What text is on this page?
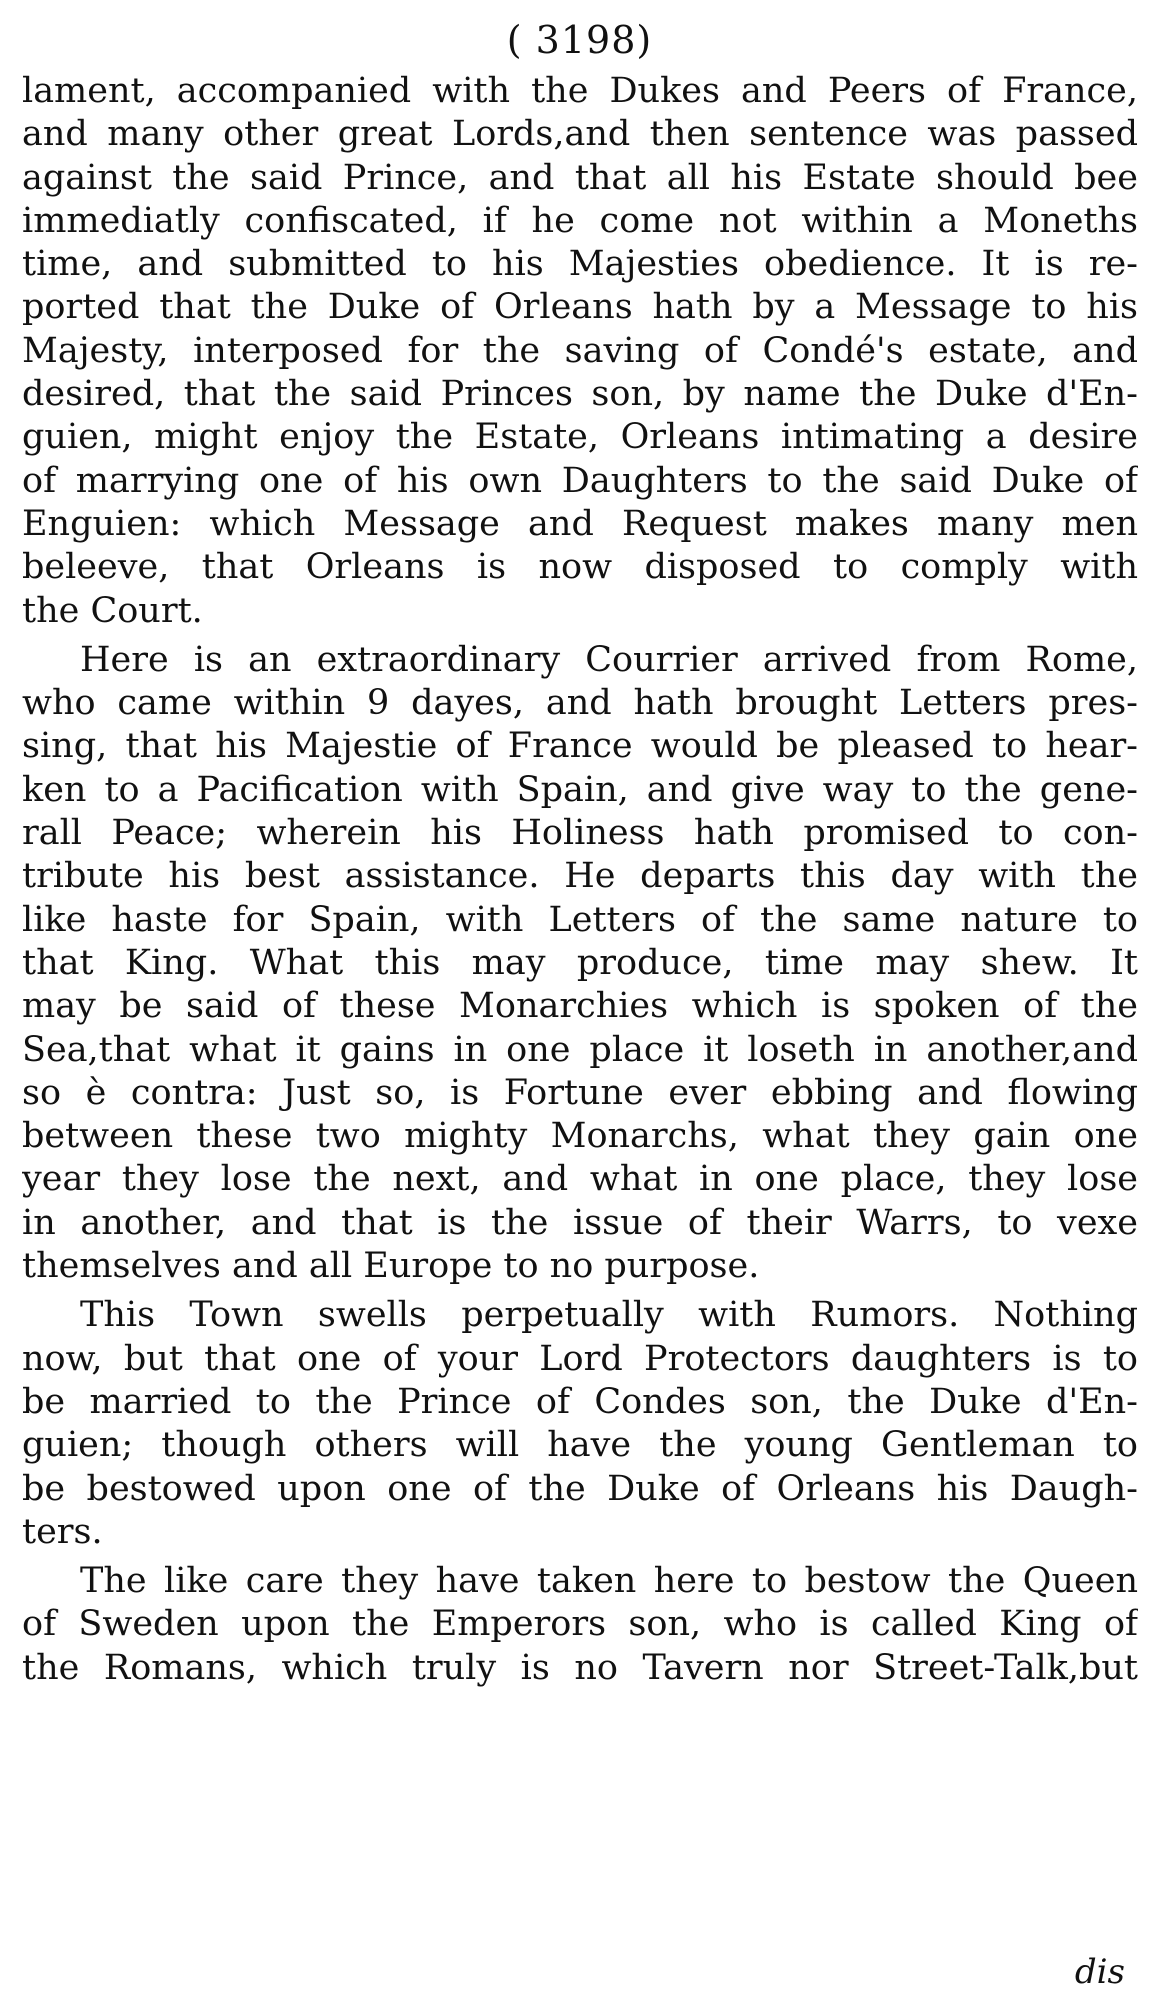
( 3198)
lament, accompanied with the Dukes and Peers of France,
and many other great Lords,and then sentence was passed
against the said Prince, and that all his Estate should bee
immediatly confiscated, if he come not within a Moneths
time, and submitted to his Majesties obedience. It is re-
ported that the Duke of Orleans hath by a Message to his
Majesty, interposed for the saving of Condé's estate, and
desired, that the said Princes son, by name the Duke d'En-
guien, might enjoy the Estate, Orleans intimating a desire
of marrying one of his own Daughters to the said Duke of
Enguien: which Message and Request makes many men
beleeve, that Orleans is now disposed to comply with
the Court.
Here is an extraordinary Courrier arrived from Rome,
who came within 9 dayes, and hath brought Letters pres-
sing, that his Majestie of France would be pleased to hear-
ken to a Pacification with Spain, and give way to the gene-
rall Peace; wherein his Holiness hath promised to con-
tribute his best assistance. He departs this day with the
like haste for Spain, with Letters of the same nature to
that King. What this may produce, time may shew. It
may be said of these Monarchies which is spoken of the
Sea,that what it gains in one place it loseth in another,and
so è contra: Just so, is Fortune ever ebbing and flowing
between these two mighty Monarchs, what they gain one
year they lose the next, and what in one place, they lose
in another, and that is the issue of their Warrs, to vexe
themselves and all Europe to no purpose.
This Town swells perpetually with Rumors. Nothing
now, but that one of your Lord Protectors daughters is to
be married to the Prince of Condes son, the Duke d'En-
guien; though others will have the young Gentleman to
be bestowed upon one of the Duke of Orleans his Daugh-
ters.
The like care they have taken here to bestow the Queen
of Sweden upon the Emperors son, who is called King of
the Romans, which truly is no Tavern nor Street-Talk,but
dis
